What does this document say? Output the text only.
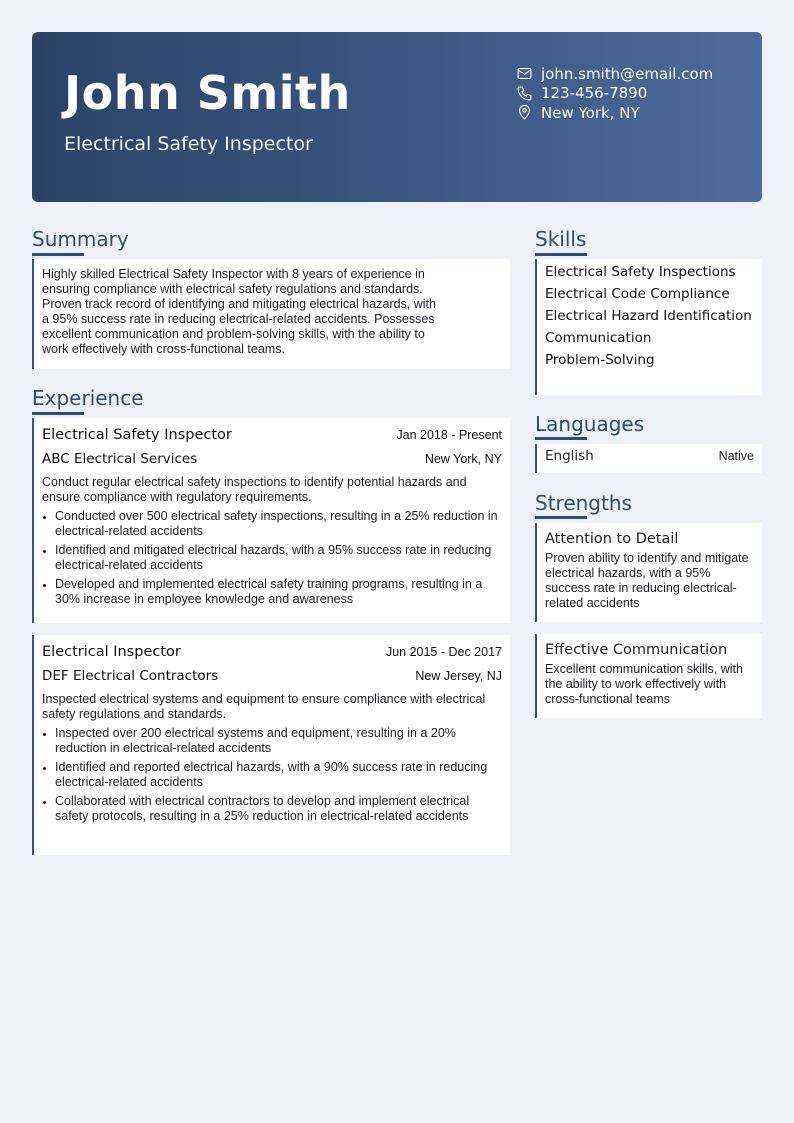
John Smith
Electrical Safety Inspector
john.smith@email.com
123-456-7890
New York, NY
Summary
Highly skilled Electrical Safety Inspector with 8 years of experience in
ensuring compliance with electrical safety regulations and standards.
Proven track record of identifying and mitigating electrical hazards, with
a 95% success rate in reducing electrical-related accidents. Possesses
excellent communication and problem-solving skills, with the ability to
work effectively with cross-functional teams.
Experience
Electrical Safety Inspector	Jan 2018 - Present
ABC Electrical Services	New York, NY
Conduct regular electrical safety inspections to identify potential hazards and ensure compliance with regulatory requirements.
Conducted over 500 electrical safety inspections, resulting in a 25% reduction in electrical-related accidents
Identified and mitigated electrical hazards, with a 95% success rate in reducing electrical-related accidents
Developed and implemented electrical safety training programs, resulting in a 30% increase in employee knowledge and awareness
Electrical Inspector	Jun 2015 - Dec 2017
DEF Electrical Contractors	New Jersey, NJ
Inspected electrical systems and equipment to ensure compliance with electrical safety regulations and standards.
Inspected over 200 electrical systems and equipment, resulting in a 20% reduction in electrical-related accidents
Identified and reported electrical hazards, with a 90% success rate in reducing electrical-related accidents
Collaborated with electrical contractors to develop and implement electrical safety protocols, resulting in a 25% reduction in electrical-related accidents
Skills
Electrical Safety Inspections
Electrical Code Compliance
Electrical Hazard Identification
Communication
Problem-Solving
Languages
English	Native
Strengths
Attention to Detail
Proven ability to identify and mitigate electrical hazards, with a 95% success rate in reducing electrical-related accidents
Effective Communication
Excellent communication skills, with the ability to work effectively with cross-functional teams
